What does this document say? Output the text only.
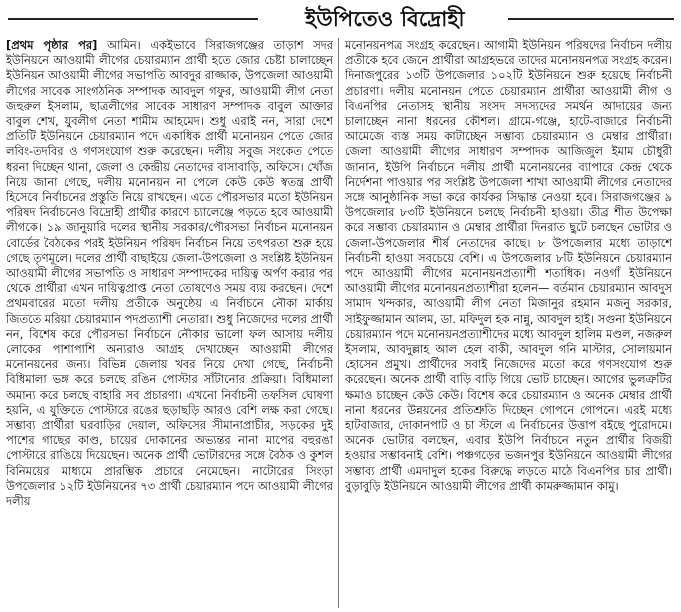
ইউপিতেও বিদ্রোহী

[প্রথম পৃষ্ঠার পর] আমিন। একইভাবে সিরাজগঞ্জের তাড়াশ সদর ইউনিয়নে আওয়ামী লীগের চেয়ারম্যান প্রার্থী হতে জোর চেষ্টা চালাচ্ছেন ইউনিয়ন আওয়ামী লীগের সভাপতি আবদুর রাজ্জাক, উপজেলা আওয়ামী লীগের সাবেক সাংগঠনিক সম্পাদক আবদুল গফুর, আওয়ামী লীগ নেতা জহুরুল ইসলাম, ছাত্রলীগের সাবেক সাধারণ সম্পাদক বাবুল আক্তার বাবুল শেখ, যুবলীগ নেতা শামীম আহমেদ। শুধু এরাই নন, সারা দেশে প্রতিটি ইউনিয়নে চেয়ারম্যান পদে একাধিক প্রার্থী মনোনয়ন পেতে জোর লবিং-তদবির ও গণসংযোগ শুরু করেছেন। দলীয় সবুজ সংকেত পেতে ধরনা দিচ্ছেন থানা, জেলা ও কেন্দ্রীয় নেতাদের বাসাবাড়ি, অফিসে। খোঁজ নিয়ে জানা গেছে, দলীয় মনোনয়ন না পেলে কেউ কেউ স্বতন্ত্র প্রার্থী হিসেবে নির্বাচনের প্রস্তুতি নিয়ে রাখছেন। এতে পৌরসভার মতো ইউনিয়ন পরিষদ নির্বাচনেও বিদ্রোহী প্রার্থীর কারণে চ্যালেঞ্জে পড়তে হবে আওয়ামী লীগকে। ১৯ জানুয়ারি দলের স্থানীয় সরকার/পৌরসভা নির্বাচন মনোনয়ন বোর্ডের বৈঠকের পরই ইউনিয়ন পরিষদ নির্বাচন নিয়ে তৎপরতা শুরু হয়ে গেছে তৃণমূলে। দলের প্রার্থী বাছাইয়ে জেলা-উপজেলা ও সংশ্লিষ্ট ইউনিয়ন আওয়ামী লীগের সভাপতি ও সাধারণ সম্পাদকের দায়িত্ব অর্পণ করার পর থেকে প্রার্থীরা এখন দায়িত্বপ্রাপ্ত নেতা তোষণেও সময় ব্যয় করছেন। দেশে প্রথমবারের মতো দলীয় প্রতীকে অনুষ্ঠেয় এ নির্বাচনে নৌকা মার্কায় জিততে মরিয়া চেয়ারম্যান পদপ্রত্যাশী নেতারা। শুধু নিজেদের দলের প্রার্থী নন, বিশেষ করে পৌরসভা নির্বাচনে নৌকার ভালো ফল আসায় দলীয় লোকের পাশাপাশি অন্যরাও আগ্রহ দেখাচ্ছেন আওয়ামী লীগের মনোনয়নের জন্য। বিভিন্ন জেলায় খবর নিয়ে দেখা গেছে, নির্বাচনী বিধিমালা ভঙ্গ করে চলছে রঙিন পোস্টার সাঁটানোর প্রক্রিয়া। বিধিমালা অমান্য করে চলছে বাহারি সব প্রচারণা। এখনো নির্বাচনী তফসিল ঘোষণা হয়নি, এ যুক্তিতে পোস্টারে রঙের ছড়াছড়ি আরও বেশি লক্ষ করা গেছে। সম্ভাব্য প্রার্থীরা ঘরবাড়ির দেয়াল, অফিসের সীমানাপ্রাচীর, সড়কের দুই পাশের গাছের কাণ্ড, চায়ের দোকানের অভ্যন্তর নানা মাপের বহুরঙা পোস্টারে রাঙিয়ে দিয়েছেন। অনেক প্রার্থী ভোটারদের সঙ্গে বৈঠক ও কুশল বিনিময়ের মাধ্যমে প্রারম্ভিক প্রচারে নেমেছেন। নাটোরের সিংড়া উপজেলার ১২টি ইউনিয়নের ৭৩ প্রার্থী চেয়ারম্যান পদে আওয়ামী লীগের দলীয়

মনোনয়নপত্র সংগ্রহ করেছেন। আগামী ইউনিয়ন পরিষদের নির্বাচন দলীয় প্রতীকে হবে জেনে প্রার্থীরা আগ্রহভরে তাদের মনোনয়নপত্র সংগ্রহ করেন। দিনাজপুরের ১৩টি উপজেলার ১০২টি ইউনিয়নে শুরু হয়েছে নির্বাচনী প্রচারণা। দলীয় মনোনয়ন পেতে চেয়ারম্যান প্রার্থীরা আওয়ামী লীগ ও বিএনপির নেতাসহ স্থানীয় সংসদ সদস্যদের সমর্থন আদায়ের জন্য চালাচ্ছেন নানা ধরনের কৌশল। গ্রামে-গঞ্জে, হাটে-বাজারে নির্বাচনী আমেজে ব্যস্ত সময় কাটাচ্ছেন সম্ভাব্য চেয়ারম্যান ও মেম্বার প্রার্থীরা। জেলা আওয়ামী লীগের সাধারণ সম্পাদক আজিজুল ইমাম চৌধুরী জানান, ইউপি নির্বাচনে দলীয় প্রার্থী মনোনয়নের ব্যাপারে কেন্দ্র থেকে নির্দেশনা পাওয়ার পর সংশ্লিষ্ট উপজেলা শাখা আওয়ামী লীগের নেতাদের সঙ্গে আনুষ্ঠানিক সভা করে কার্যকর সিদ্ধান্ত নেওয়া হবে। সিরাজগঞ্জের ৯ উপজেলার ৮৩টি ইউনিয়নে চলছে নির্বাচনী হাওয়া। তীব্র শীত উপেক্ষা করে সম্ভাব্য চেয়ারম্যান ও মেম্বার প্রার্থীরা দিনরাত ছুটে চলছেন ভোটার ও জেলা-উপজেলার শীর্ষ নেতাদের কাছে। ৮ উপজেলার মধ্যে তাড়াশে নির্বাচনী হাওয়া সবচেয়ে বেশি। এ উপজেলার ৮টি ইউনিয়নে চেয়ারম্যান পদে আওয়ামী লীগের মনোনয়নপ্রত্যাশী শতাধিক। নওগাঁ ইউনিয়নে আওয়ামী লীগের মনোনয়নপ্রত্যাশীরা হলেন— বর্তমান চেয়ারম্যান আবদুস সামাদ খন্দকার, আওয়ামী লীগ নেতা মিজানুর রহমান মজনু সরকার, সাইফুজ্জামান আলম, ডা. মফিদুল হক নান্নু, আবদুল হাই। সগুনা ইউনিয়নে চেয়ারম্যান পদে মনোনয়নপ্রত্যাশীদের মধ্যে আবদুল হালিম মণ্ডল, নজরুল ইসলাম, আবদুল্লাহ আল হেল বাকী, আবদুল গনি মাস্টার, সোলায়মান হোসেন প্রমুখ। প্রার্থীদের সবাই নিজেদের মতো করে গণসংযোগ শুরু করেছেন। অনেক প্রার্থী বাড়ি বাড়ি গিয়ে ভোট চাচ্ছেন। আগের ভুলত্রুটির ক্ষমাও চাচ্ছেন কেউ কেউ। বিশেষ করে চেয়ারম্যান ও অনেক মেম্বার প্রার্থী নানা ধরনের উন্নয়নের প্রতিশ্রুতি দিচ্ছেন গোপনে গোপনে। এরই মধ্যে হাটবাজার, দোকানপাট ও চা স্টলে এ নির্বাচনের উত্তাপ বইছে পুরোদমে। অনেক ভোটার বলছেন, এবার ইউপি নির্বাচনে নতুন প্রার্থীর বিজয়ী হওয়ার সম্ভাবনাই বেশি। পঞ্চগড়ের ভজনপুর ইউনিয়নে আওয়ামী লীগের সম্ভাব্য প্রার্থী এমদাদুল হকের বিরুদ্ধে লড়তে মাঠে বিএনপির চার প্রার্থী। বুড়াবুড়ি ইউনিয়নে আওয়ামী লীগের প্রার্থী কামরুজ্জামান কামু।
